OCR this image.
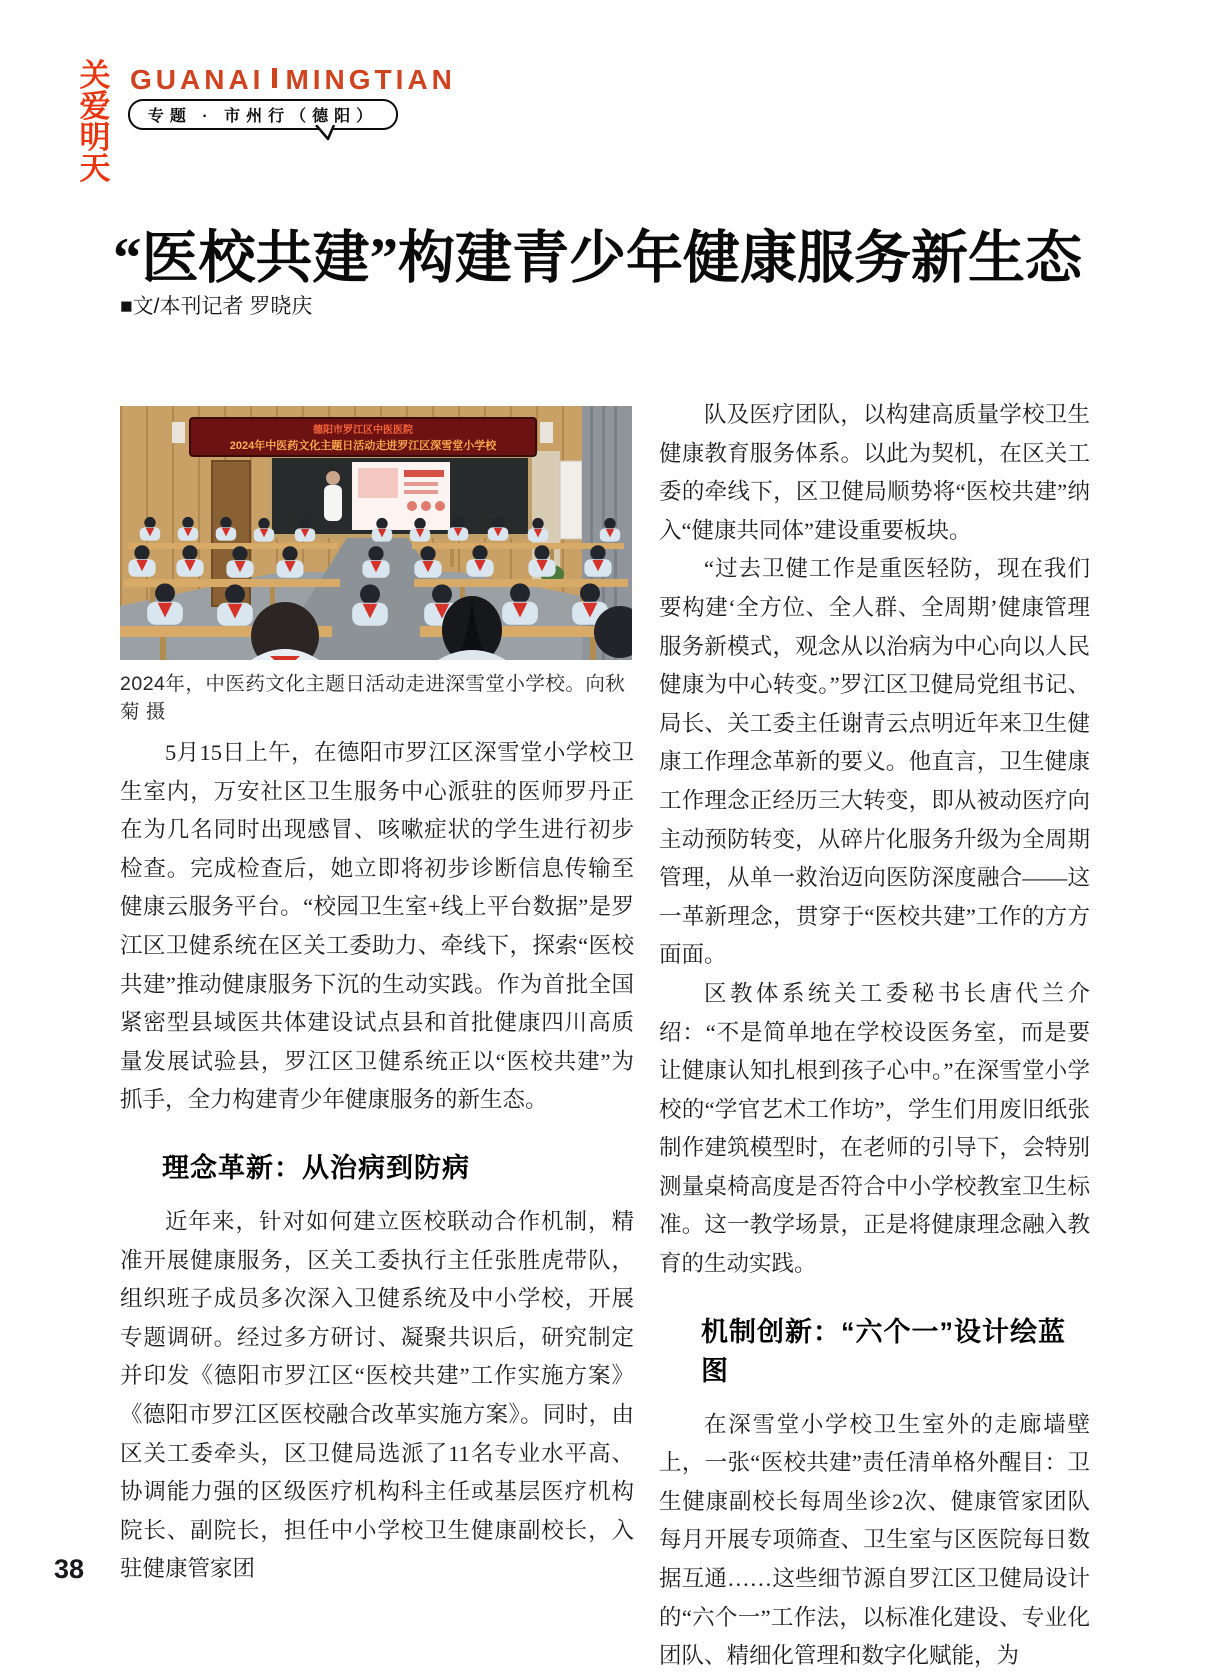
关爱
明天
GUANAI MINGTIAN
专题 · 市州行（德阳）
“医校共建”构建青少年健康服务新生态
■文/本刊记者 罗晓庆
德阳市罗江区中医医院
2024年中医药文化主题日活动走进罗江区深雪堂小学校
2024年，中医药文化主题日活动走进深雪堂小学校。向秋菊 摄

5月15日上午，在德阳市罗江区深雪堂小学校卫生室内，万安社区卫生服务中心派驻的医师罗丹正在为几名同时出现感冒、咳嗽症状的学生进行初步检查。完成检查后，她立即将初步诊断信息传输至健康云服务平台。“校园卫生室+线上平台数据”是罗江区卫健系统在区关工委助力、牵线下，探索“医校共建”推动健康服务下沉的生动实践。作为首批全国紧密型县域医共体建设试点县和首批健康四川高质量发展试验县，罗江区卫健系统正以“医校共建”为抓手，全力构建青少年健康服务的新生态。

理念革新：从治病到防病

近年来，针对如何建立医校联动合作机制，精准开展健康服务，区关工委执行主任张胜虎带队，组织班子成员多次深入卫健系统及中小学校，开展专题调研。经过多方研讨、凝聚共识后，研究制定并印发《德阳市罗江区“医校共建”工作实施方案》《德阳市罗江区医校融合改革实施方案》。同时，由区关工委牵头，区卫健局选派了11名专业水平高、协调能力强的区级医疗机构科主任或基层医疗机构院长、副院长，担任中小学校卫生健康副校长，入驻健康管家团

队及医疗团队，以构建高质量学校卫生健康教育服务体系。以此为契机，在区关工委的牵线下，区卫健局顺势将“医校共建”纳入“健康共同体”建设重要板块。

“过去卫健工作是重医轻防，现在我们要构建‘全方位、全人群、全周期’健康管理服务新模式，观念从以治病为中心向以人民健康为中心转变。”罗江区卫健局党组书记、局长、关工委主任谢青云点明近年来卫生健康工作理念革新的要义。他直言，卫生健康工作理念正经历三大转变，即从被动医疗向主动预防转变，从碎片化服务升级为全周期管理，从单一救治迈向医防深度融合——这一革新理念，贯穿于“医校共建”工作的方方面面。

区教体系统关工委秘书长唐代兰介绍：“不是简单地在学校设医务室，而是要让健康认知扎根到孩子心中。”在深雪堂小学校的“学官艺术工作坊”，学生们用废旧纸张制作建筑模型时，在老师的引导下，会特别测量桌椅高度是否符合中小学校教室卫生标准。这一教学场景，正是将健康理念融入教育的生动实践。

机制创新：“六个一”设计绘蓝图

在深雪堂小学校卫生室外的走廊墙壁上，一张“医校共建”责任清单格外醒目：卫生健康副校长每周坐诊2次、健康管家团队每月开展专项筛查、卫生室与区医院每日数据互通……这些细节源自罗江区卫健局设计的“六个一”工作法，以标准化建设、专业化团队、精细化管理和数字化赋能，为

38
